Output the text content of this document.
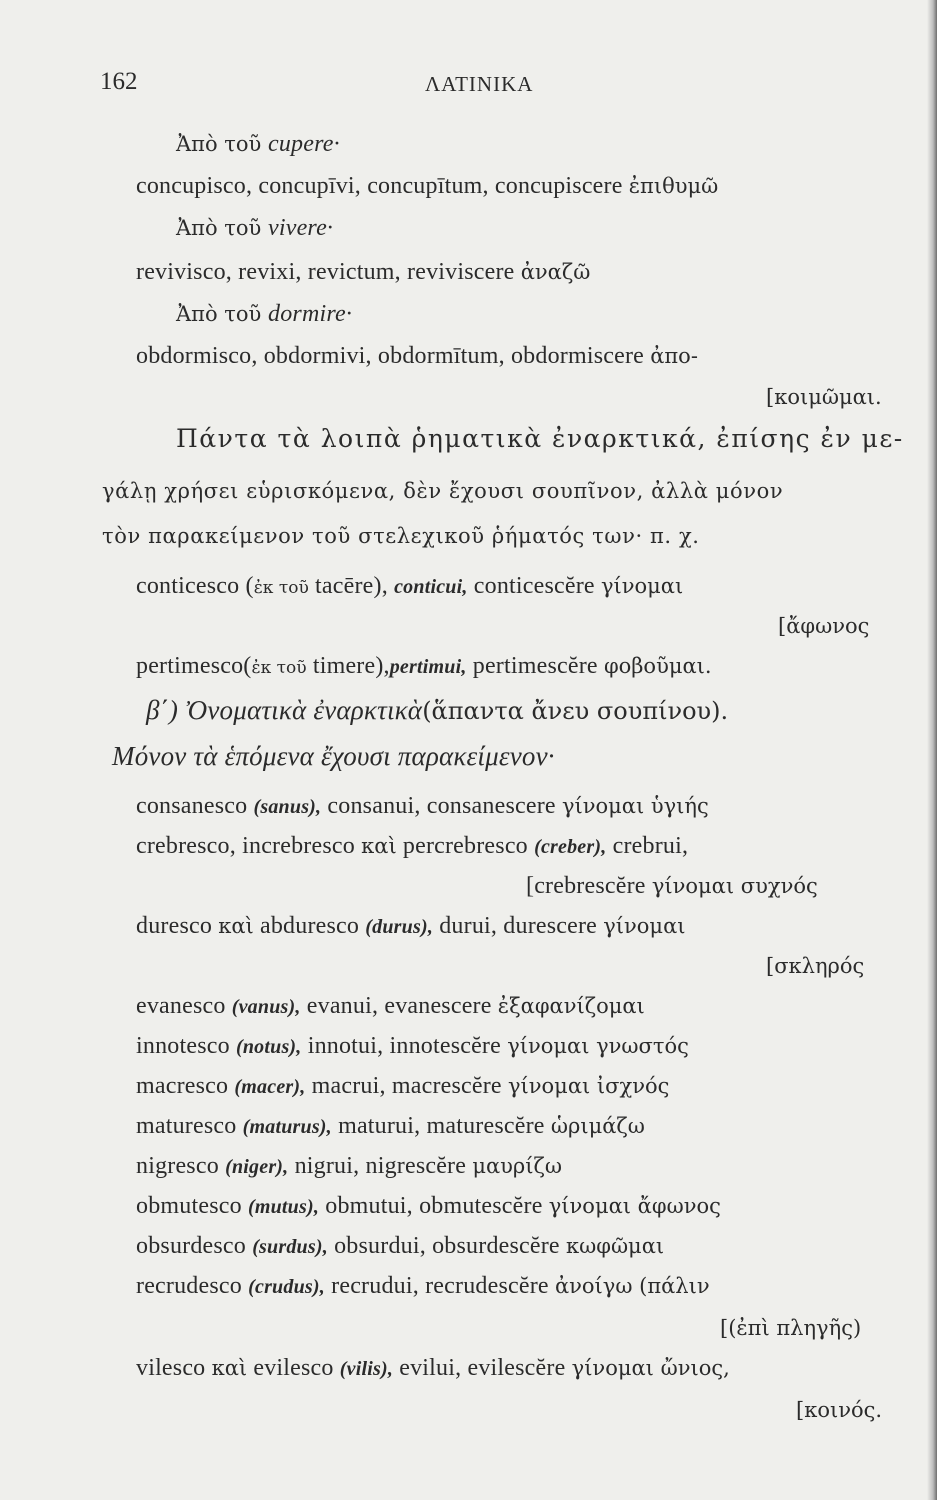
162	ΛΑΤΙΝΙΚΑ
Ἀπὸ τοῦ cupere·
concupisco, concupīvi, concupītum, concupiscere ἐπιθυμῶ
Ἀπὸ τοῦ vivere·
revivisco, revixi, revictum, reviviscere ἀναζῶ
Ἀπὸ τοῦ dormire·
obdormisco, obdormivi, obdormītum, obdormiscere ἀπο-
[κοιμῶμαι.
Πάντα τὰ λοιπὰ ῥηματικὰ ἐναρκτικά, ἐπίσης ἐν με-
γάλῃ χρήσει εὑρισκόμενα, δὲν ἔχουσι σουπῖνον, ἀλλὰ μόνον
τὸν παρακείμενον τοῦ στελεχικοῦ ῥήματός των· π. χ.
conticesco (ἐκ τοῦ tacēre), conticui, conticescĕre γίνομαι
[ἄφωνος
pertimesco(ἐκ τοῦ timere),pertimui, pertimescĕre φοβοῦμαι.
β΄) Ὀνοματικὰ ἐναρκτικὰ(ἅπαντα ἄνευ σουπίνου).
Μόνον τὰ ἑπόμενα ἔχουσι παρακείμενον·
consanesco (sanus), consanui, consanescere γίνομαι ὑγιής
crebresco, increbresco καὶ percrebresco (creber), crebrui,
[crebrescĕre γίνομαι συχνός
duresco καὶ abduresco (durus), durui, durescere γίνομαι
[σκληρός
evanesco (vanus), evanui, evanescere ἐξαφανίζομαι
innotesco (notus), innotui, innotescĕre γίνομαι γνωστός
macresco (macer), macrui, macrescĕre γίνομαι ἰσχνός
maturesco (maturus), maturui, maturescĕre ὡριμάζω
nigresco (niger), nigrui, nigrescĕre μαυρίζω
obmutesco (mutus), obmutui, obmutescĕre γίνομαι ἄφωνος
obsurdesco (surdus), obsurdui, obsurdescĕre κωφῶμαι
recrudesco (crudus), recrudui, recrudescĕre ἀνοίγω (πάλιν
[(ἐπὶ πληγῆς)
vilesco καὶ evilesco (vilis), evilui, evilescĕre γίνομαι ὤνιος,
[κοινός.
